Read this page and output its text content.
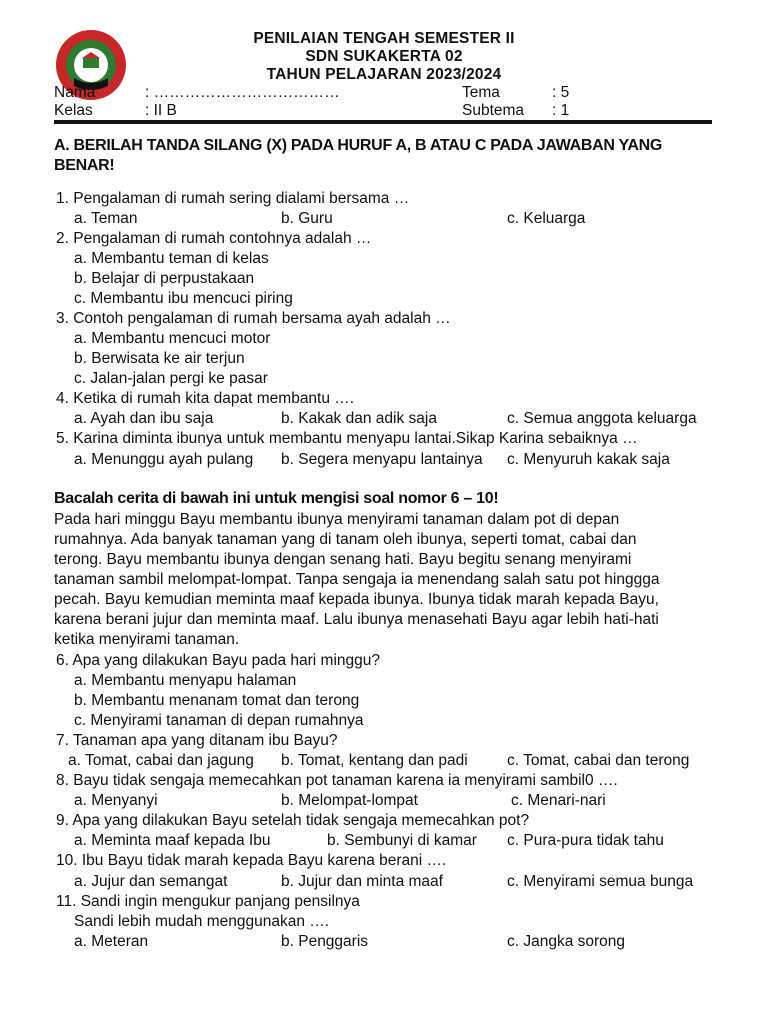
PENILAIAN TENGAH SEMESTER II
SDN SUKAKERTA 02
TAHUN PELAJARAN 2023/2024
Nama	: ………………………………	Tema	: 5
Kelas	: II B	Subtema : 1
A. BERILAH TANDA SILANG (X) PADA HURUF A, B ATAU C PADA JAWABAN YANG
BENAR!
1. Pengalaman di rumah sering dialami bersama …
a. Teman	b. Guru	c. Keluarga
2. Pengalaman di rumah contohnya adalah …
a. Membantu teman di kelas
b. Belajar di perpustakaan
c. Membantu ibu mencuci piring
3. Contoh pengalaman di rumah bersama ayah adalah …
a. Membantu mencuci motor
b. Berwisata ke air terjun
c. Jalan-jalan pergi ke pasar
4. Ketika di rumah kita dapat membantu ….
a. Ayah dan ibu saja	b. Kakak dan adik saja	c. Semua anggota keluarga
5. Karina diminta ibunya untuk membantu menyapu lantai.Sikap Karina sebaiknya …
a. Menunggu ayah pulang b. Segera menyapu lantainya c. Menyuruh kakak saja
Bacalah cerita di bawah ini untuk mengisi soal nomor 6 – 10!
Pada hari minggu Bayu membantu ibunya menyirami tanaman dalam pot di depan
rumahnya. Ada banyak tanaman yang di tanam oleh ibunya, seperti tomat, cabai dan
terong. Bayu membantu ibunya dengan senang hati. Bayu begitu senang menyirami
tanaman sambil melompat-lompat. Tanpa sengaja ia menendang salah satu pot hinggga
pecah. Bayu kemudian meminta maaf kepada ibunya. Ibunya tidak marah kepada Bayu,
karena berani jujur dan meminta maaf. Lalu ibunya menasehati Bayu agar lebih hati-hati
ketika menyirami tanaman.
6. Apa yang dilakukan Bayu pada hari minggu?
a. Membantu menyapu halaman
b. Membantu menanam tomat dan terong
c. Menyirami tanaman di depan rumahnya
7. Tanaman apa yang ditanam ibu Bayu?
a. Tomat, cabai dan jagung b. Tomat, kentang dan padi	c. Tomat, cabai dan terong
8. Bayu tidak sengaja memecahkan pot tanaman karena ia menyirami sambil0 ….
a. Menyanyi	b. Melompat-lompat	c. Menari-nari
9. Apa yang dilakukan Bayu setelah tidak sengaja memecahkan pot?
a. Meminta maaf kepada Ibu	b. Sembunyi di kamar c. Pura-pura tidak tahu
10. Ibu Bayu tidak marah kepada Bayu karena berani ….
a. Jujur dan semangat	b. Jujur dan minta maaf	c. Menyirami semua bunga
11. Sandi ingin mengukur panjang pensilnya
Sandi lebih mudah menggunakan ….
a. Meteran	b. Penggaris	c. Jangka sorong
